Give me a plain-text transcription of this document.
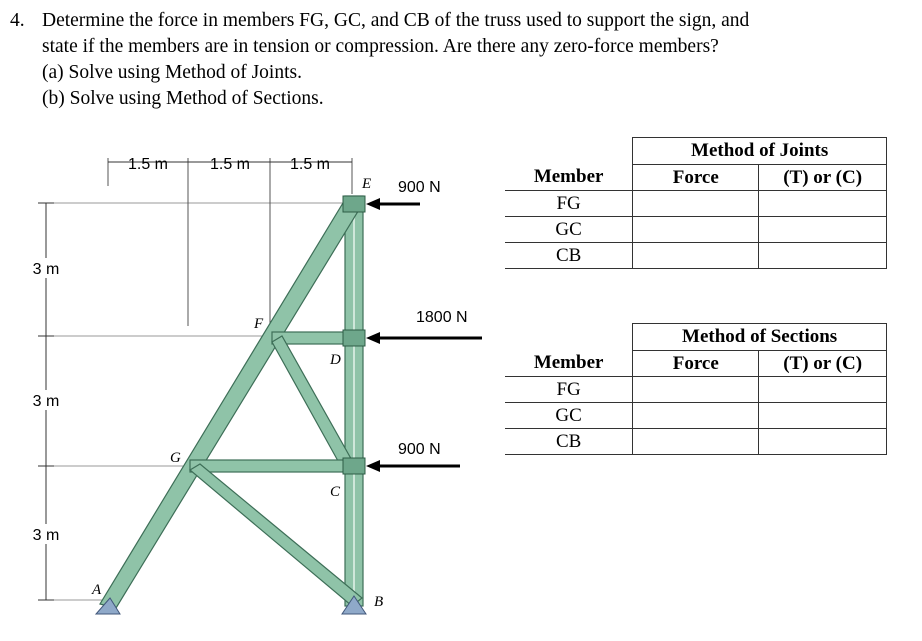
4. Determine the force in members FG, GC, and CB of the truss used to support the sign, and
state if the members are in tension or compression. Are there any zero-force members?
(a) Solve using Method of Joints.
(b) Solve using Method of Sections.
1.5 m	1.5 m 1.5 m
3 m
3 m
3 m
A
B
C
D
E
F
G
900 N
1800 N
900 N
	Method of Joints	
Member	Force	(T) or (C)
FG		
GC		
CB		
	Method of Sections	
Member	Force	(T) or (C)
FG		
GC		
CB		
